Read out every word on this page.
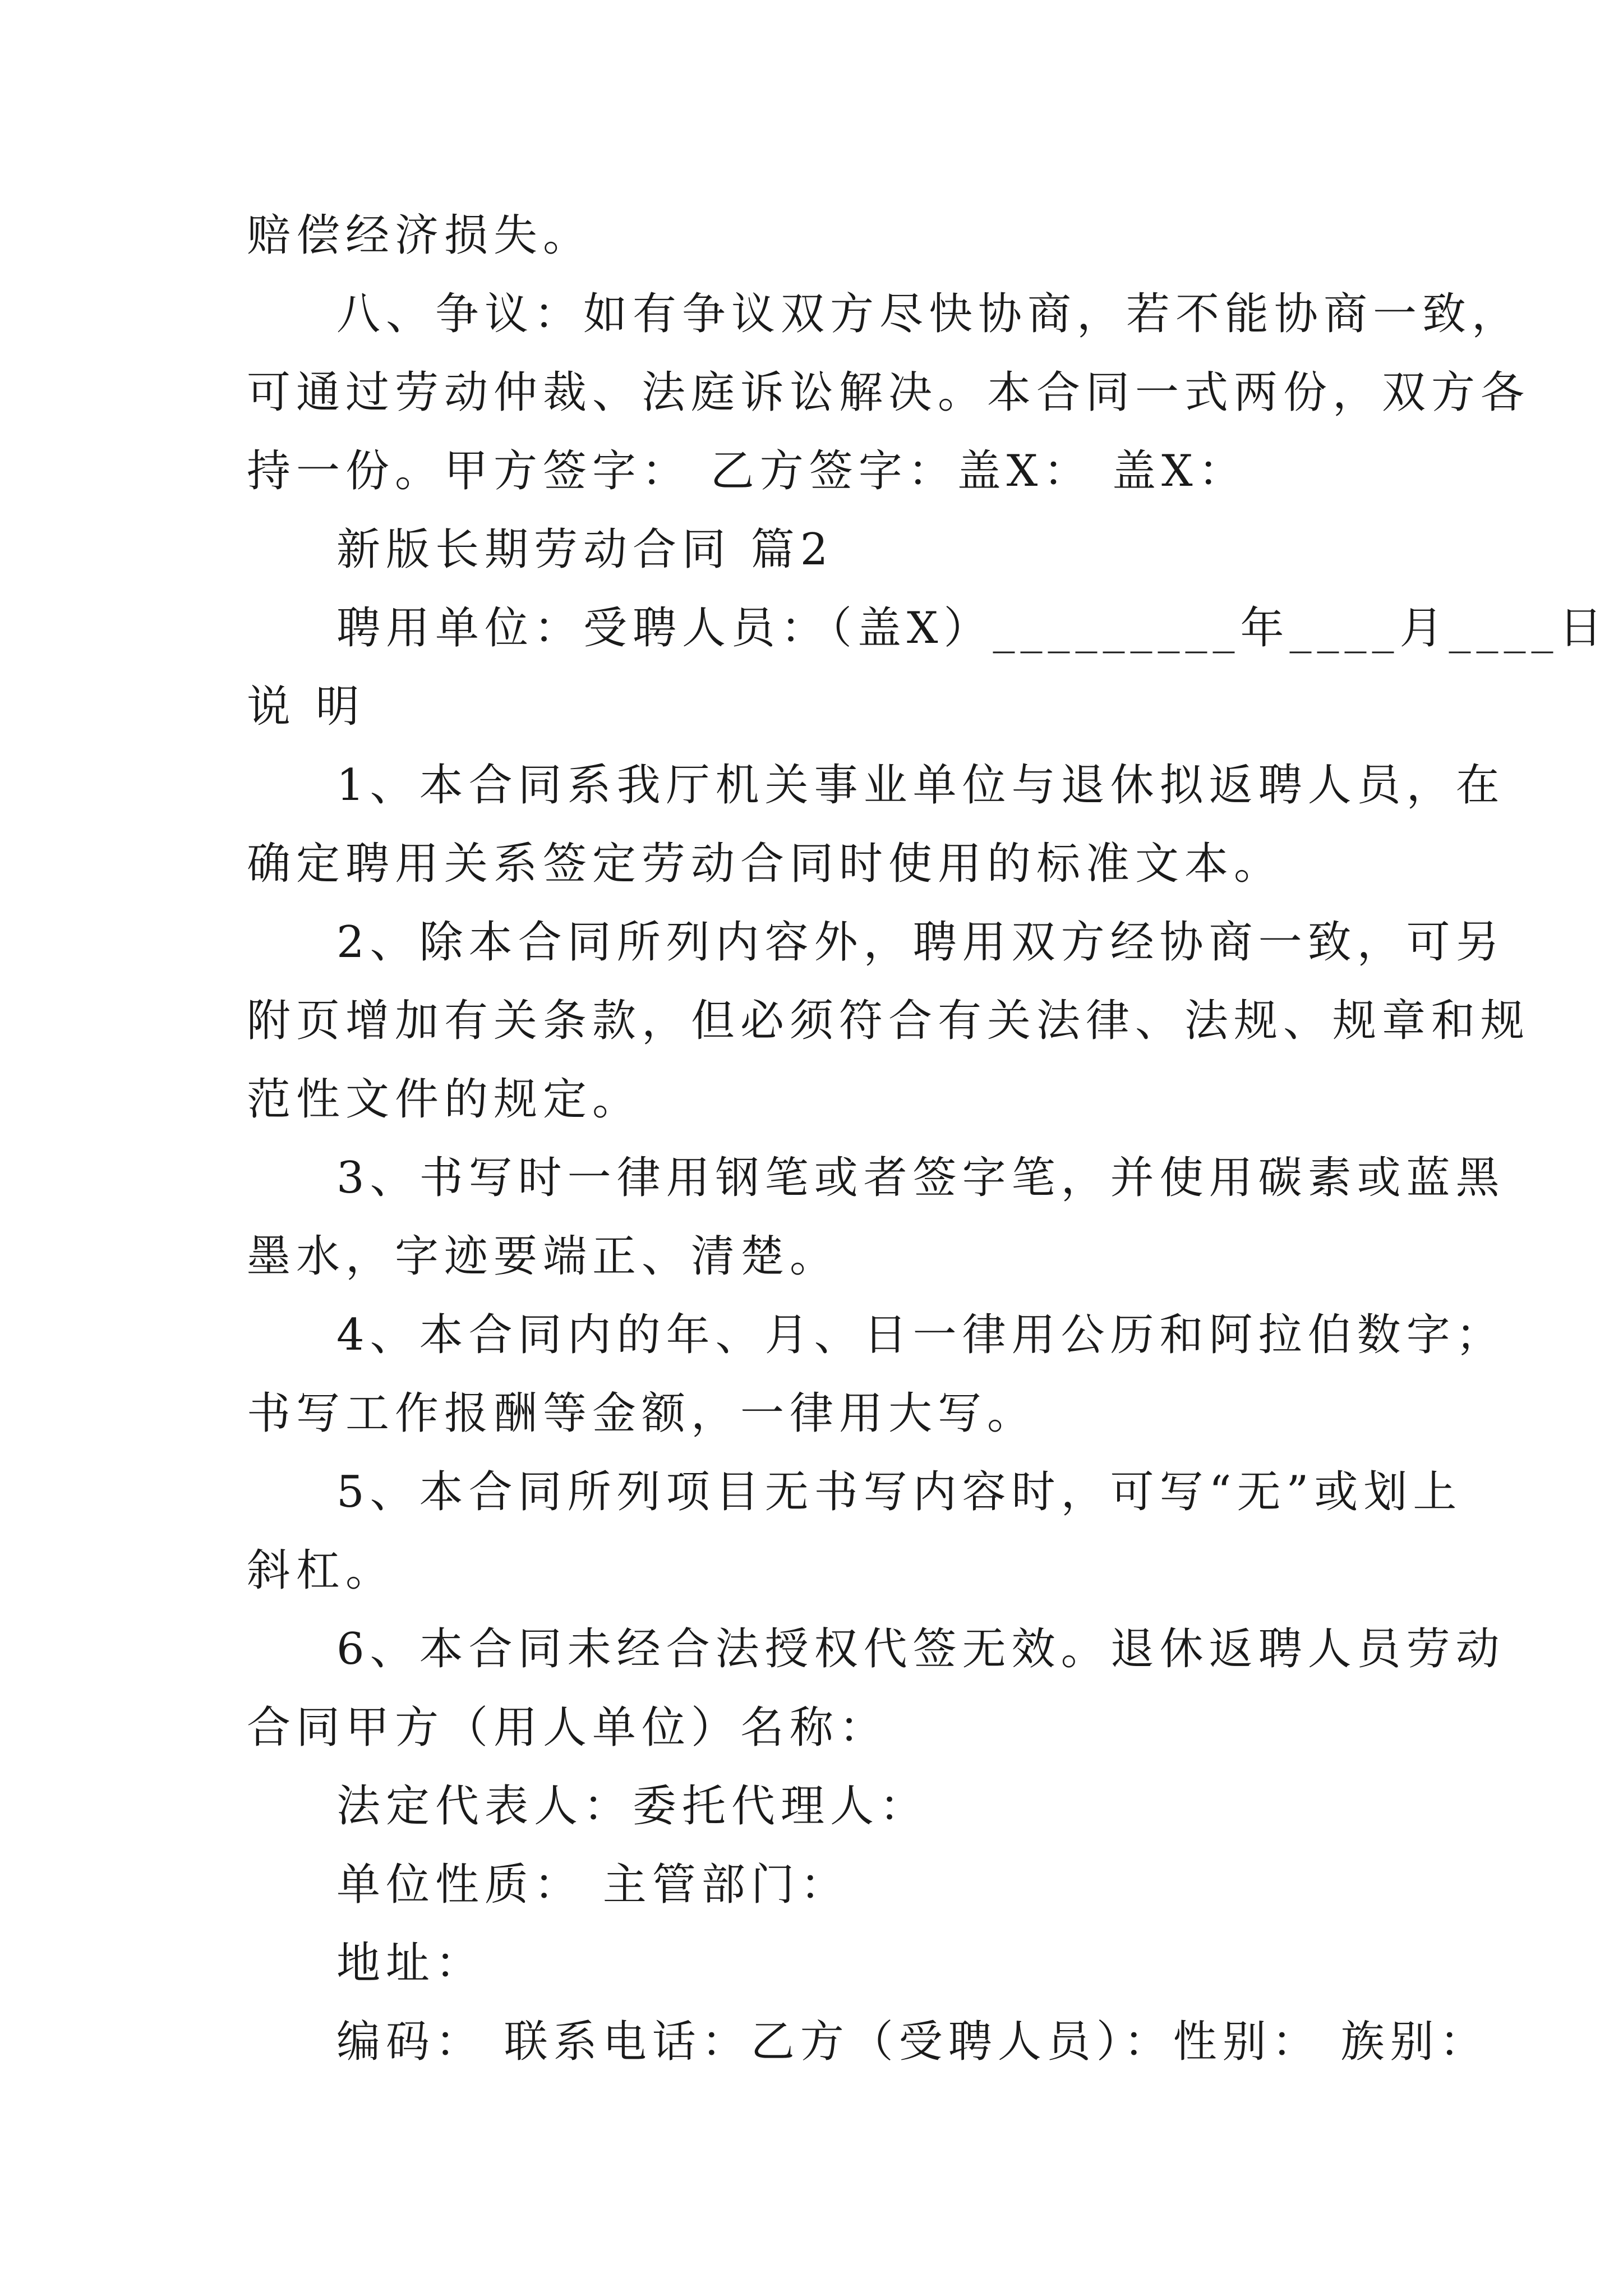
赔偿经济损失。
八、争议：如有争议双方尽快协商，若不能协商一致，
可通过劳动仲裁、法庭诉讼解决。本合同一式两份，双方各
持一份。甲方签字： 乙方签字：盖X： 盖X：
新版长期劳动合同 篇2
聘用单位：受聘人员：（盖X）_________年____月____日
说 明
1、本合同系我厅机关事业单位与退休拟返聘人员，在
确定聘用关系签定劳动合同时使用的标准文本。
2、除本合同所列内容外，聘用双方经协商一致，可另
附页增加有关条款，但必须符合有关法律、法规、规章和规
范性文件的规定。
3、书写时一律用钢笔或者签字笔，并使用碳素或蓝黑
墨水，字迹要端正、清楚。
4、本合同内的年、月、日一律用公历和阿拉伯数字；
书写工作报酬等金额，一律用大写。
5、本合同所列项目无书写内容时，可写“无”或划上
斜杠。
6、本合同未经合法授权代签无效。退休返聘人员劳动
合同甲方（用人单位）名称：
法定代表人：委托代理人：
单位性质： 主管部门：
地址：
编码： 联系电话：乙方（受聘人员）：性别： 族别：
